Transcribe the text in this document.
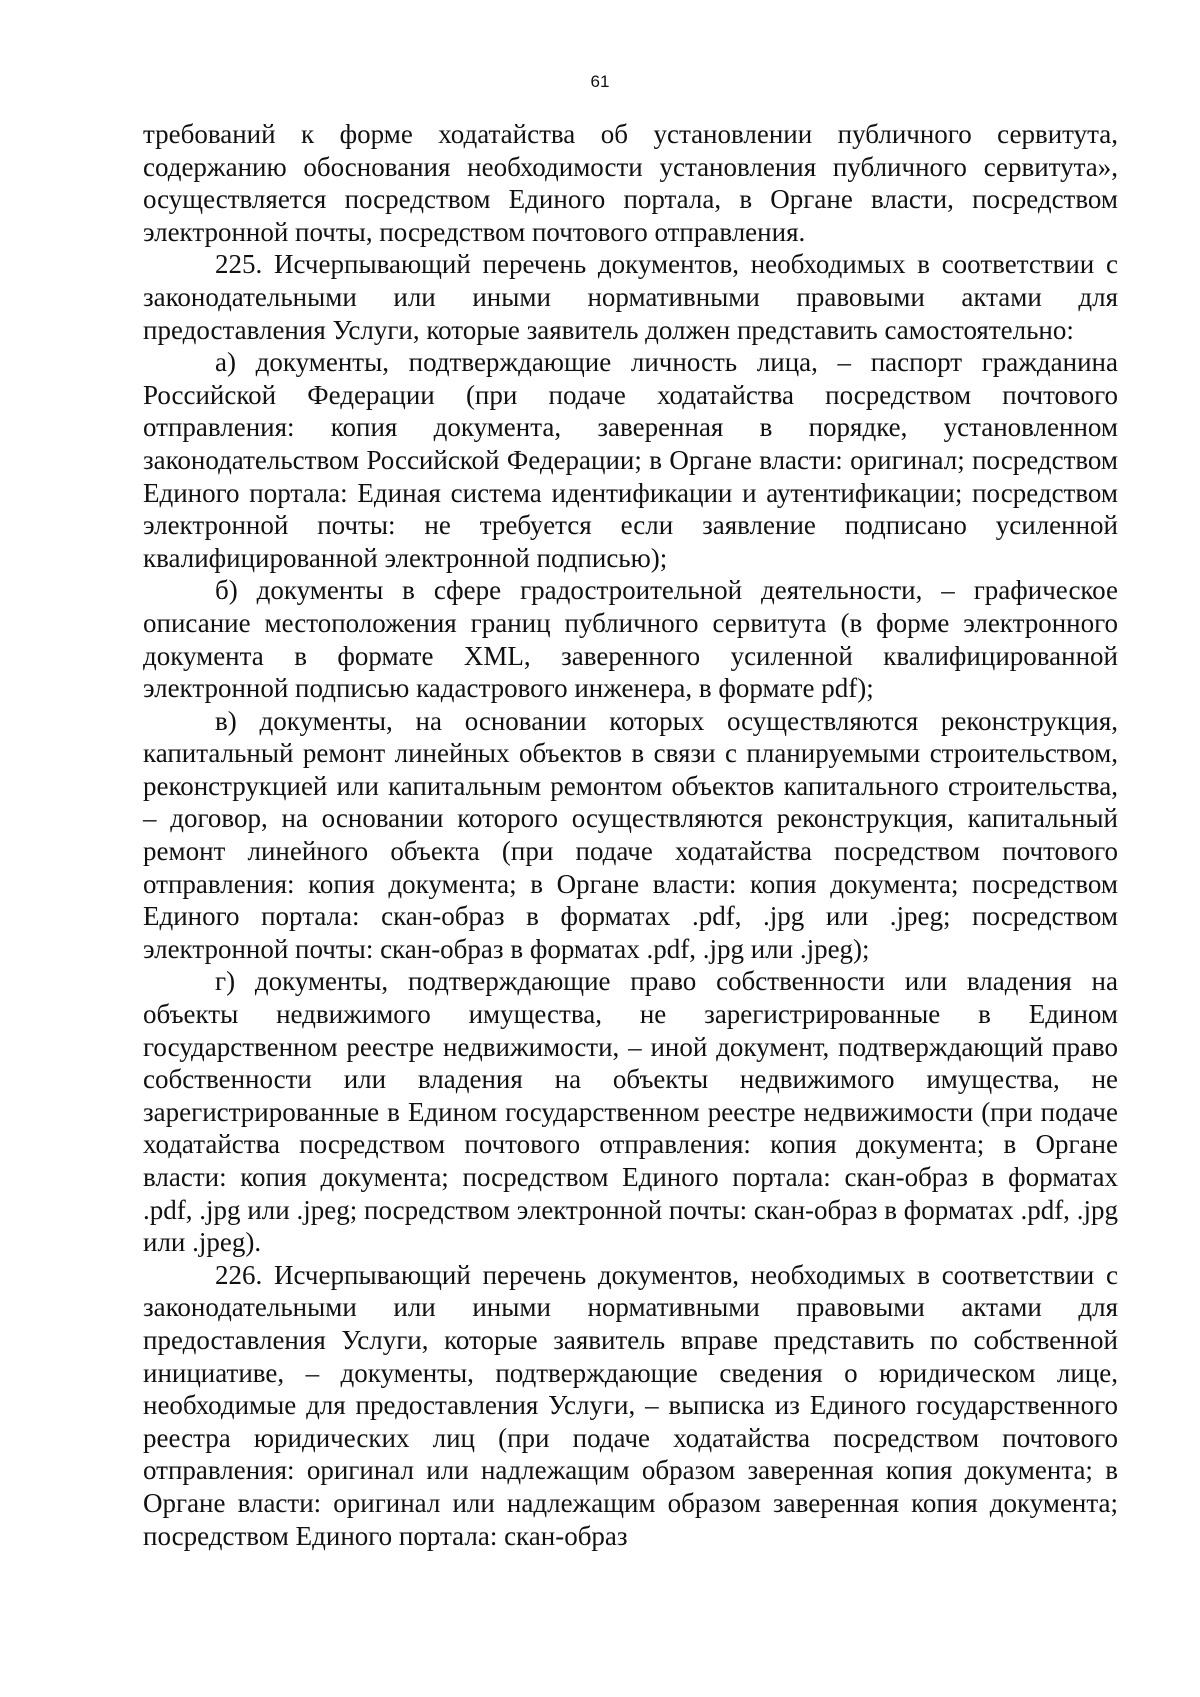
61

требований к форме ходатайства об установлении публичного сервитута, содержанию обоснования необходимости установления публичного сервитута», осуществляется посредством Единого портала, в Органе власти, посредством электронной почты, посредством почтового отправления.

225. Исчерпывающий перечень документов, необходимых в соответствии с законодательными или иными нормативными правовыми актами для предоставления Услуги, которые заявитель должен представить самостоятельно:

а) документы, подтверждающие личность лица, – паспорт гражданина Российской Федерации (при подаче ходатайства посредством почтового отправления: копия документа, заверенная в порядке, установленном законодательством Российской Федерации; в Органе власти: оригинал; посредством Единого портала: Единая система идентификации и аутентификации; посредством электронной почты: не требуется если заявление подписано усиленной квалифицированной электронной подписью);

б) документы в сфере градостроительной деятельности, – графическое описание местоположения границ публичного сервитута (в форме электронного документа в формате XML, заверенного усиленной квалифицированной электронной подписью кадастрового инженера, в формате pdf);

в) документы, на основании которых осуществляются реконструкция, капитальный ремонт линейных объектов в связи с планируемыми строительством, реконструкцией или капитальным ремонтом объектов капитального строительства, – договор, на основании которого осуществляются реконструкция, капитальный ремонт линейного объекта (при подаче ходатайства посредством почтового отправления: копия документа; в Органе власти: копия документа; посредством Единого портала: скан-образ в форматах .pdf, .jpg или .jpeg; посредством электронной почты: скан-образ в форматах .pdf, .jpg или .jpeg);

г) документы, подтверждающие право собственности или владения на объекты недвижимого имущества, не зарегистрированные в Едином государственном реестре недвижимости, – иной документ, подтверждающий право собственности или владения на объекты недвижимого имущества, не зарегистрированные в Едином государственном реестре недвижимости (при подаче ходатайства посредством почтового отправления: копия документа; в Органе власти: копия документа; посредством Единого портала: скан-образ в форматах .pdf, .jpg или .jpeg; посредством электронной почты: скан-образ в форматах .pdf, .jpg или .jpeg).

226. Исчерпывающий перечень документов, необходимых в соответствии с законодательными или иными нормативными правовыми актами для предоставления Услуги, которые заявитель вправе представить по собственной инициативе, – документы, подтверждающие сведения о юридическом лице, необходимые для предоставления Услуги, – выписка из Единого государственного реестра юридических лиц (при подаче ходатайства посредством почтового отправления: оригинал или надлежащим образом заверенная копия документа; в Органе власти: оригинал или надлежащим образом заверенная копия документа; посредством Единого портала: скан-образ
